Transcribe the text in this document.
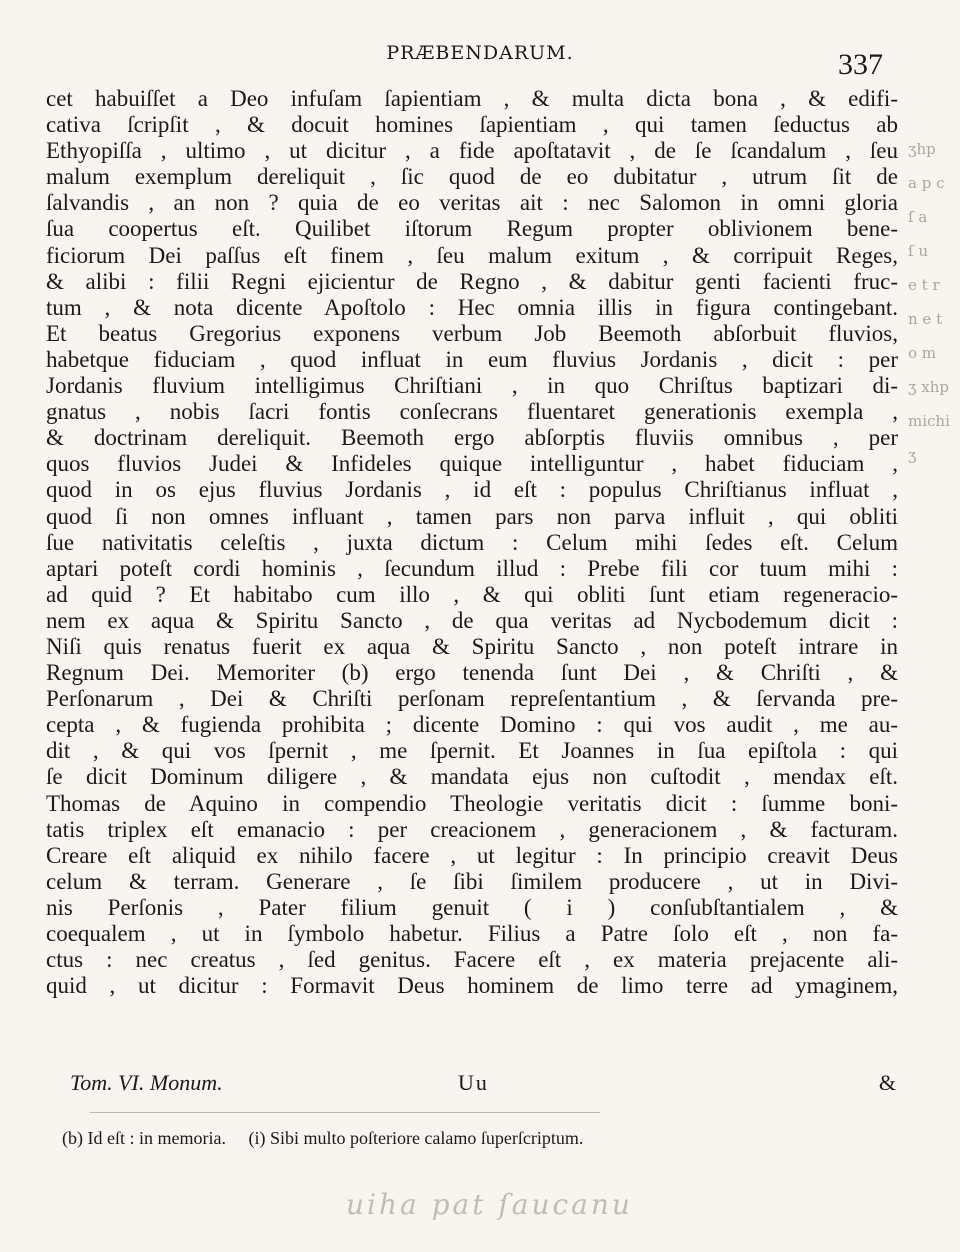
PRÆBENDARUM.	337
cet habuiſſet a Deo infuſam ſapientiam , & multa dicta bona , & edifi-
cativa ſcripſit , & docuit homines ſapientiam , qui tamen ſeductus ab
Ethyopiſſa , ultimo , ut dicitur , a fide apoſtatavit , de ſe ſcandalum , ſeu
malum exemplum dereliquit , ſic quod de eo dubitatur , utrum ſit de
ſalvandis , an non ? quia de eo veritas ait : nec Salomon in omni gloria
ſua coopertus eſt. Quilibet iſtorum Regum propter oblivionem bene-
ficiorum Dei paſſus eſt finem , ſeu malum exitum , & corripuit Reges,
& alibi : filii Regni ejicientur de Regno , & dabitur genti facienti fruc-
tum , & nota dicente Apoſtolo : Hec omnia illis in figura contingebant.
Et beatus Gregorius exponens verbum Job Beemoth abſorbuit fluvios,
habetque fiduciam , quod influat in eum fluvius Jordanis , dicit : per
Jordanis fluvium intelligimus Chriſtiani , in quo Chriſtus baptizari di-
gnatus , nobis ſacri fontis conſecrans fluentaret generationis exempla ,
& doctrinam dereliquit. Beemoth ergo abſorptis fluviis omnibus , per
quos fluvios Judei & Infideles quique intelliguntur , habet fiduciam ,
quod in os ejus fluvius Jordanis , id eſt : populus Chriſtianus influat ,
quod ſi non omnes influant , tamen pars non parva influit , qui obliti
ſue nativitatis celeſtis , juxta dictum : Celum mihi ſedes eſt. Celum
aptari poteſt cordi hominis , ſecundum illud : Prebe fili cor tuum mihi :
ad quid ? Et habitabo cum illo , & qui obliti ſunt etiam regeneracio-
nem ex aqua & Spiritu Sancto , de qua veritas ad Nycbodemum dicit :
Niſi quis renatus fuerit ex aqua & Spiritu Sancto , non poteſt intrare in
Regnum Dei. Memoriter (b) ergo tenenda ſunt Dei , & Chriſti , &
Perſonarum , Dei & Chriſti perſonam repreſentantium , & ſervanda pre-
cepta , & fugienda prohibita ; dicente Domino : qui vos audit , me au-
dit , & qui vos ſpernit , me ſpernit. Et Joannes in ſua epiſtola : qui
ſe dicit Dominum diligere , & mandata ejus non cuſtodit , mendax eſt.
Thomas de Aquino in compendio Theologie veritatis dicit : ſumme boni-
tatis triplex eſt emanacio : per creacionem , generacionem , & facturam.
Creare eſt aliquid ex nihilo facere , ut legitur : In principio creavit Deus
celum & terram. Generare , ſe ſibi ſimilem producere , ut in Divi-
nis Perſonis , Pater filium genuit ( i ) conſubſtantialem , &
coequalem , ut in ſymbolo habetur. Filius a Patre ſolo eſt , non fa-
ctus : nec creatus , ſed genitus. Facere eſt , ex materia prejacente ali-
quid , ut dicitur : Formavit Deus hominem de limo terre ad ymaginem,
Tom. VI. Monum.	Uu	&
(b) Id eſt : in memoria. (i) Sibi multo poſteriore calamo ſuperſcriptum.
ʒhp
a p c
ſ a
ſ u
e t r
n e t
o m
ʒ xhp
michi
ʒ
uiha pat ſaucanu
